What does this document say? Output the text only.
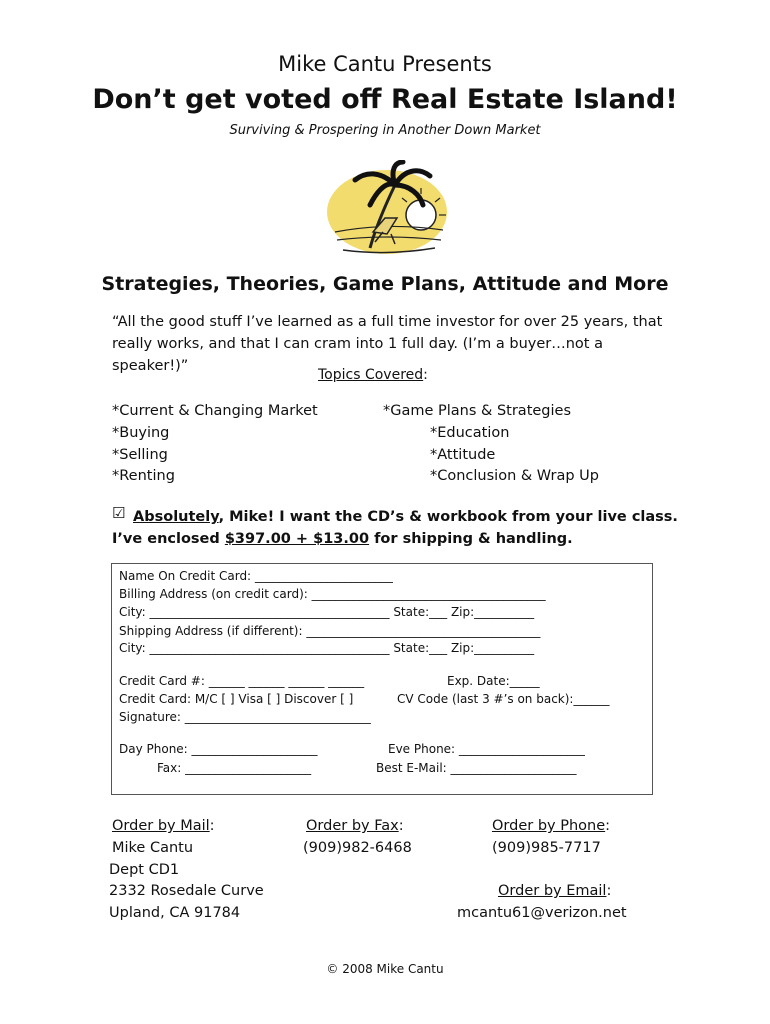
Mike Cantu Presents
Don’t get voted off Real Estate Island!
Surviving & Prospering in Another Down Market
Strategies, Theories, Game Plans, Attitude and More
“All the good stuff I’ve learned as a full time investor for over 25 years, that really works, and that I can cram into 1 full day. (I’m a buyer…not a speaker!)”
Topics Covered:
*Current & Changing Market
*Buying
*Selling
*Renting
*Game Plans & Strategies
*Education
*Attitude
*Conclusion & Wrap Up
☑ Absolutely, Mike! I want the CD’s & workbook from your live class.
I’ve enclosed $397.00 + $13.00 for shipping & handling.
Name On Credit Card: _______________________
Billing Address (on credit card): _______________________________________
City: ________________________________________ State:___ Zip:__________
Shipping Address (if different): _______________________________________
City: ________________________________________ State:___ Zip:__________
Credit Card #: ______ ______ ______ ______	Exp. Date:_____
Credit Card: M/C [ ] Visa [ ] Discover [ ]	CV Code (last 3 #’s on back):______
Signature: _______________________________
Day Phone: _____________________	Eve Phone: _____________________
Fax: _____________________	Best E-Mail: _____________________
Order by Mail:
Mike Cantu
Dept CD1
2332 Rosedale Curve
Upland, CA 91784
Order by Fax:
(909)982-6468
Order by Phone:
(909)985-7717
Order by Email:
mcantu61@verizon.net
© 2008 Mike Cantu
